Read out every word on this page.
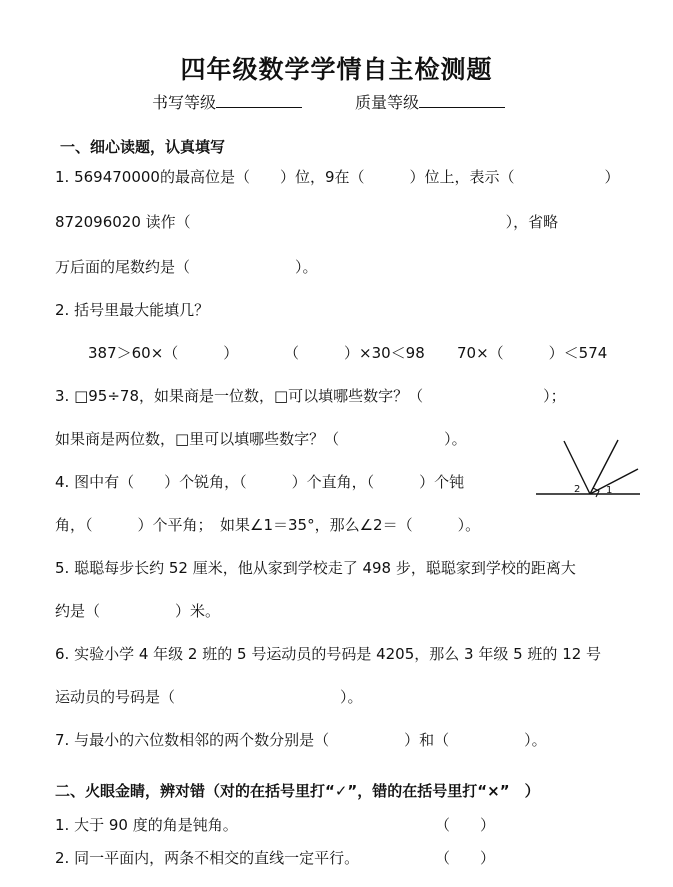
四年级数学学情自主检测题
书写等级	质量等级
一、细心读题，认真填写
1. 569470000的最高位是（　　）位，9在（　　　）位上，表示（　　　　　　）
872096020 读作（　　　　　　　　　　　　　　　　　　　　　），省略
万后面的尾数约是（　　　　　　　）。
2. 括号里最大能填几？
387＞60×（　　　）	（　　　）×30＜98 70×（　　　）＜574
3. □95÷78，如果商是一位数，□可以填哪些数字？（　　　　　　　　）；
如果商是两位数，□里可以填哪些数字？（　　　　　　　）。
4. 图中有（　　）个锐角，（　　　）个直角，（　　　）个钝
角，（　　　）个平角；　如果∠1＝35°，那么∠2＝（　　　）。
2	1
5. 聪聪每步长约 52 厘米，他从家到学校走了 498 步，聪聪家到学校的距离大
约是（　　　　　）米。
6. 实验小学 4 年级 2 班的 5 号运动员的号码是 4205，那么 3 年级 5 班的 12 号
运动员的号码是（　　　　　　　　　　　）。
7. 与最小的六位数相邻的两个数分别是（　　　　　）和（　　　　　）。
二、火眼金睛，辨对错（对的在括号里打“✓”，错的在括号里打“×”　）
1. 大于 90 度的角是钝角。	（　　）
2. 同一平面内，两条不相交的直线一定平行。	（　　）
